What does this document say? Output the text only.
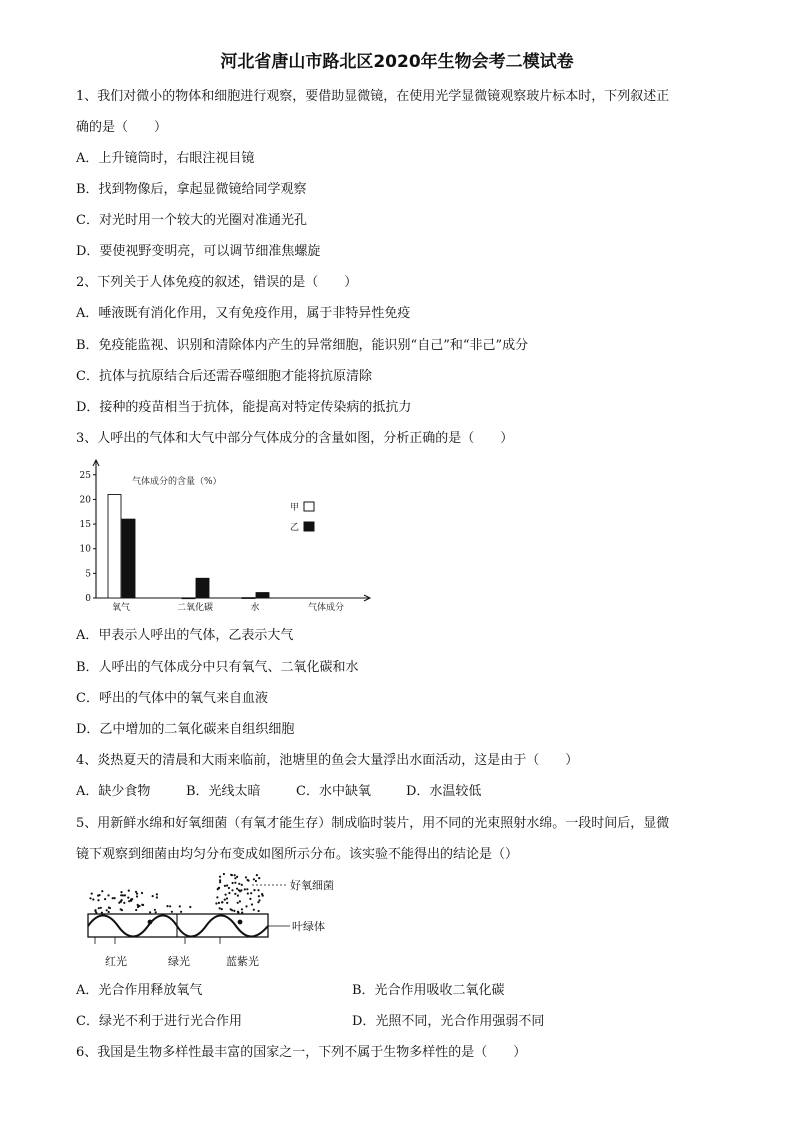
河北省唐山市路北区2020年生物会考二模试卷
1、我们对微小的物体和细胞进行观察，要借助显微镜，在使用光学显微镜观察玻片标本时，下列叙述正
确的是（　　）
A．上升镜筒时，右眼注视目镜
B．找到物像后，拿起显微镜给同学观察
C．对光时用一个较大的光圈对准通光孔
D．要使视野变明亮，可以调节细准焦螺旋
2、下列关于人体免疫的叙述，错误的是（　　）
A．唾液既有消化作用，又有免疫作用，属于非特异性免疫
B．免疫能监视、识别和清除体内产生的异常细胞，能识别“自己”和“非己”成分
C．抗体与抗原结合后还需吞噬细胞才能将抗原清除
D．接种的疫苗相当于抗体，能提高对特定传染病的抵抗力
3、人呼出的气体和大气中部分气体成分的含量如图，分析正确的是（　　）
0
5
10
15
20
25
氧气	二氧化碳	水
甲
乙
气体成分的含量（%）
气体成分
A．甲表示人呼出的气体，乙表示大气
B．人呼出的气体成分中只有氧气、二氧化碳和水
C．呼出的气体中的氧气来自血液
D．乙中增加的二氧化碳来自组织细胞
4、炎热夏天的清晨和大雨来临前，池塘里的鱼会大量浮出水面活动，这是由于（　　）
A．缺少食物	B．光线太暗	C．水中缺氧	D．水温较低
5、用新鲜水绵和好氧细菌（有氧才能生存）制成临时装片，用不同的光束照射水绵。一段时间后，显微
镜下观察到细菌由均匀分布变成如图所示分布。该实验不能得出的结论是（）
好氧细菌
叶绿体
红光	绿光	蓝紫光
A．光合作用释放氧气	B．光合作用吸收二氧化碳
C．绿光不利于进行光合作用	D．光照不同，光合作用强弱不同
6、我国是生物多样性最丰富的国家之一，下列不属于生物多样性的是（　　）
